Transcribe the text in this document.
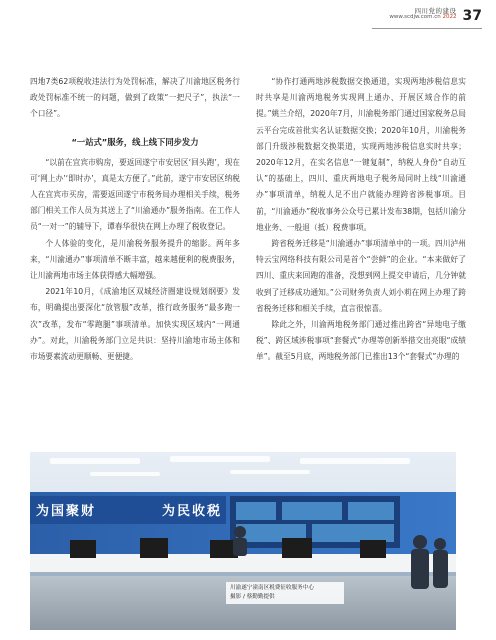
四川党的建设
www.scdjw.com.cn 2022 37

四地7类62项税收违法行为处罚标准，解决了川渝地区税务行政处罚标准不统一的问题，做到了政策“一把尺子”，执法“一个口径”。

“一站式”服务，线上线下同步发力

“以前在宜宾市购房，要返回遂宁市安居区‘回头跑’，现在可‘网上办’‘即时办’，真是太方便了。”此前，遂宁市安居区纳税人在宜宾市买房，需要返回遂宁市税务局办理相关手续，税务部门相关工作人员为其送上了“川渝通办”服务指南。在工作人员“一对一”的辅导下，谭春华很快在网上办理了税收登记。

个人体验的变化，是川渝税务服务提升的缩影。两年多来，“川渝通办”事项清单不断丰富，越来越便利的税费服务，让川渝两地市场主体获得感大幅增强。

2021年10月，《成渝地区双城经济圈建设规划纲要》发布，明确提出要深化“放管服”改革，推行政务服务“最多跑一次”改革，发布“零跑腿”事项清单。加快实现区域内“一网通办”。对此，川渝税务部门立足共识：坚持川渝地市场主体和市场要素流动更顺畅、更便捷。

“协作打通两地涉税数据交换通道，实现两地涉税信息实时共享是川渝两地税务实现网上通办、开展区域合作的前提。”姚兰介绍，2020年7月，川渝税务部门通过国家税务总局云平台完成首批实名认证数据交换；2020年10月，川渝税务部门升级涉税数据交换渠道，实现两地涉税信息实时共享；2020年12月，在实名信息“一键复制”，纳税人身份“自动互认”的基础上，四川、重庆两地电子税务局同时上线“川渝通办”事项清单，纳税人足不出户就能办理跨省涉税事项。目前，“川渝通办”税收事务公众号已累计发布38期，包括川渝分地业务、一般退（抵）税费事项。

跨省税务迁移是“川渝通办”事项清单中的一项。四川泸州特云宝网络科技有限公司是首个“尝鲜”的企业。“本来做好了四川、重庆来回跑的准备，没想到网上提交申请后，几分钟就收到了迁移成功通知。”公司财务负责人刘小莉在网上办理了跨省税务迁移和相关手续，直言很惊喜。

除此之外，川渝两地税务部门通过推出跨省“异地电子缴税”、跨区域涉税事项“套餐式”办理等创新举措交出亮眼“成绩单”。截至5月底，两地税务部门已推出13个“套餐式”办理的

为国聚财	为民收税
川渝遂宁潼南区税费征收服务中心
摄影 / 蔡勤勤提供
